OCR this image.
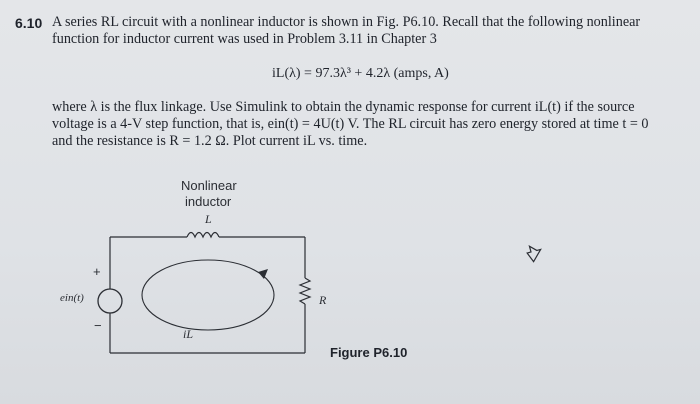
6.10 A series RL circuit with a nonlinear inductor is shown in Fig. P6.10. Recall that the following nonlinear
function for inductor current was used in Problem 3.11 in Chapter 3
iL(λ) = 97.3λ³ + 4.2λ (amps, A)
where λ is the flux linkage. Use Simulink to obtain the dynamic response for current iL(t) if the source
voltage is a 4-V step function, that is, ein(t) = 4U(t) V. The RL circuit has zero energy stored at time t = 0
and the resistance is R = 1.2 Ω. Plot current iL vs. time.
Nonlinear
inductor
L
R
ein(t)
+
−
iL
Figure P6.10
